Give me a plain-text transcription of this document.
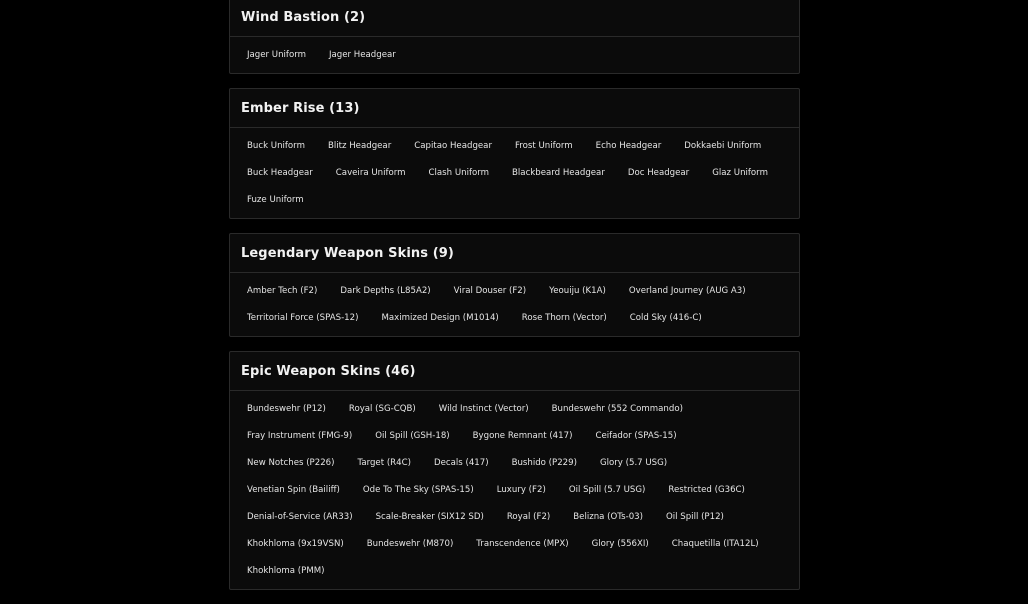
Wind Bastion (2)
Jager Uniform	Jager Headgear
Ember Rise (13)
Buck Uniform	Blitz Headgear	Capitao Headgear	Frost Uniform	Echo Headgear	Dokkaebi Uniform
Buck Headgear	Caveira Uniform	Clash Uniform	Blackbeard Headgear	Doc Headgear	Glaz Uniform
Fuze Uniform
Legendary Weapon Skins (9)
Amber Tech (F2)	Dark Depths (L85A2)	Viral Douser (F2)	Yeouiju (K1A)	Overland Journey (AUG A3)
Territorial Force (SPAS-12)	Maximized Design (M1014)	Rose Thorn (Vector)	Cold Sky (416-C)
Epic Weapon Skins (46)
Bundeswehr (P12)	Royal (SG-CQB)	Wild Instinct (Vector)	Bundeswehr (552 Commando)
Fray Instrument (FMG-9)	Oil Spill (GSH-18)	Bygone Remnant (417)	Ceifador (SPAS-15)
New Notches (P226)	Target (R4C)	Decals (417)	Bushido (P229)	Glory (5.7 USG)
Venetian Spin (Bailiff)	Ode To The Sky (SPAS-15)	Luxury (F2)	Oil Spill (5.7 USG)	Restricted (G36C)
Denial-of-Service (AR33)	Scale-Breaker (SIX12 SD)	Royal (F2)	Belizna (OTs-03)	Oil Spill (P12)
Khokhloma (9x19VSN)	Bundeswehr (M870)	Transcendence (MPX)	Glory (556XI)	Chaquetilla (ITA12L)
Khokhloma (PMM)
